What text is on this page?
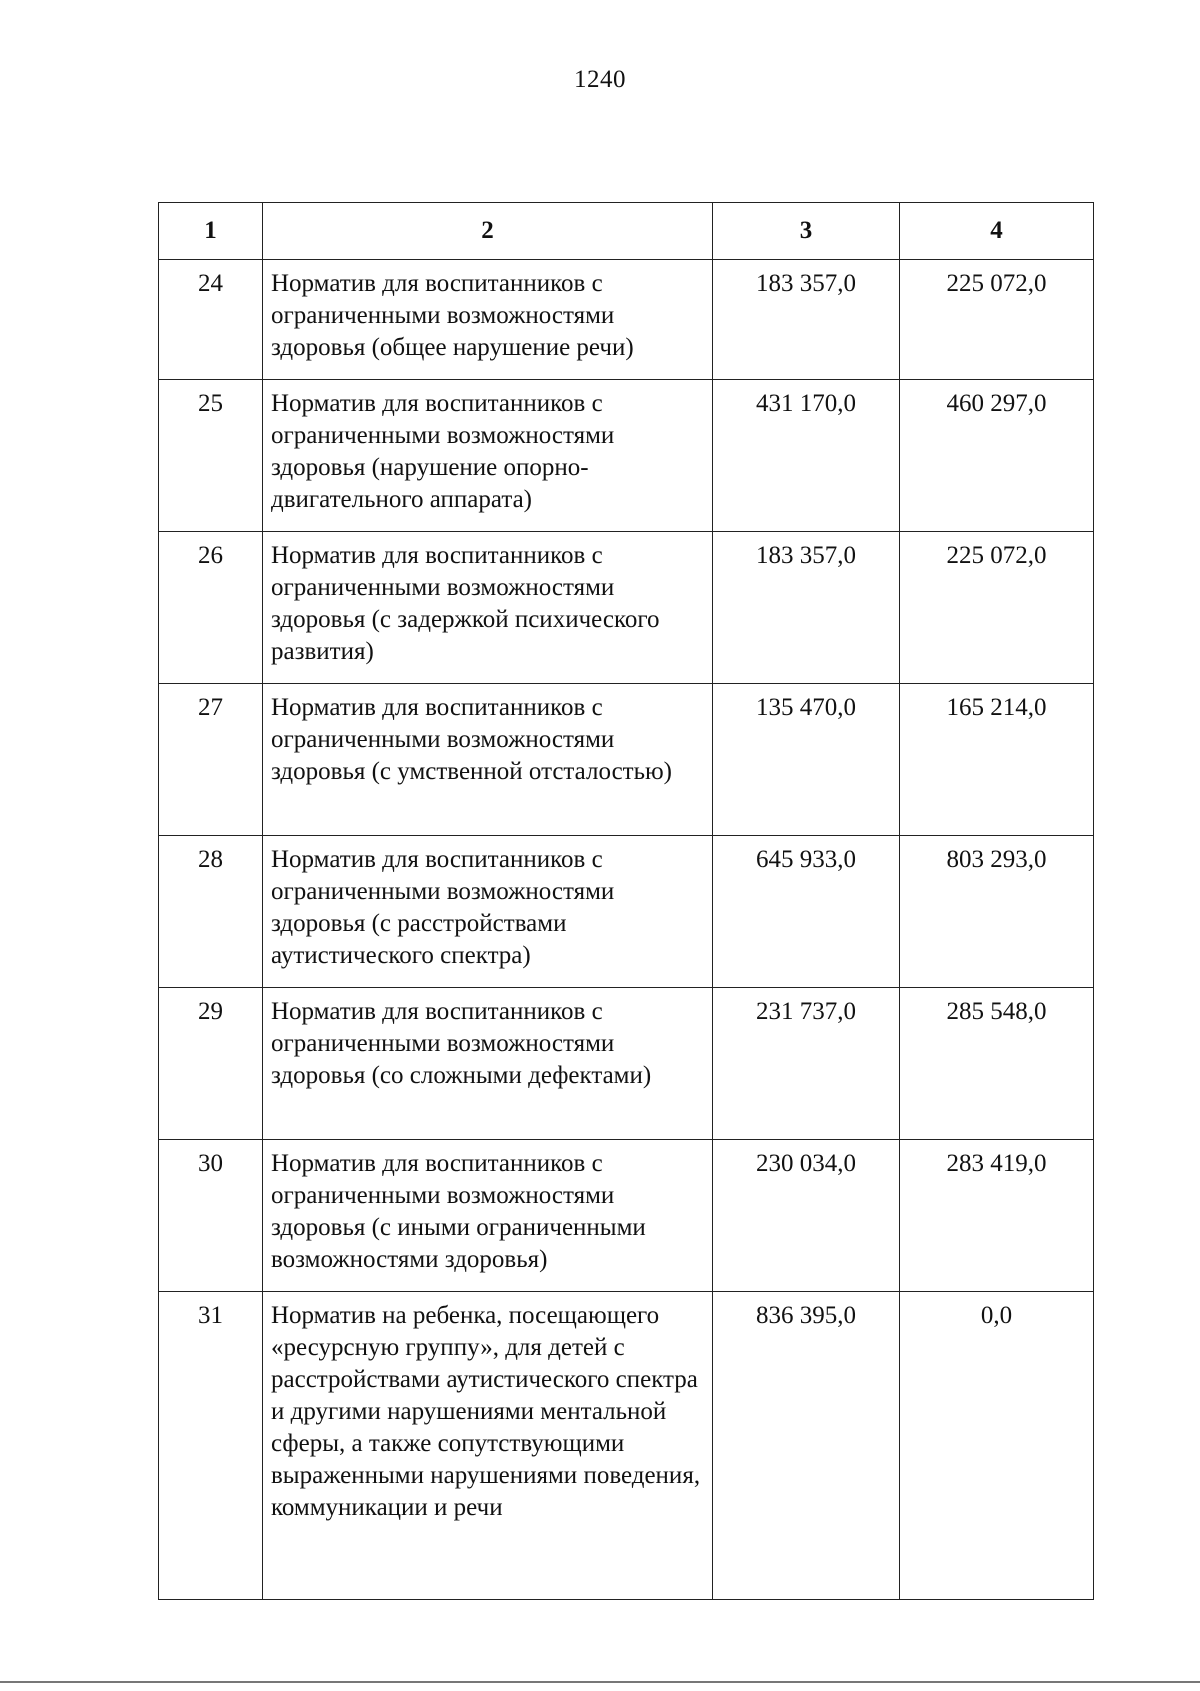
1240
1	2	3	4
24	Норматив для воспитанников с ограниченными возможностями здоровья (общее нарушение речи)	183 357,0	225 072,0
25	Норматив для воспитанников с ограниченными возможностями здоровья (нарушение опорно-двигательного аппарата)	431 170,0	460 297,0
26	Норматив для воспитанников с ограниченными возможностями здоровья (с задержкой психического развития)	183 357,0	225 072,0
27	Норматив для воспитанников с ограниченными возможностями здоровья (с умственной отсталостью)	135 470,0	165 214,0
28	Норматив для воспитанников с ограниченными возможностями здоровья (с расстройствами аутистического спектра)	645 933,0	803 293,0
29	Норматив для воспитанников с ограниченными возможностями здоровья (со сложными дефектами)	231 737,0	285 548,0
30	Норматив для воспитанников с ограниченными возможностями здоровья (с иными ограниченными возможностями здоровья)	230 034,0	283 419,0
31	Норматив на ребенка, посещающего «ресурсную группу», для детей с расстройствами аутистического спектра и другими нарушениями ментальной сферы, а также сопутствующими выраженными нарушениями поведения, коммуникации и речи	836 395,0	0,0
